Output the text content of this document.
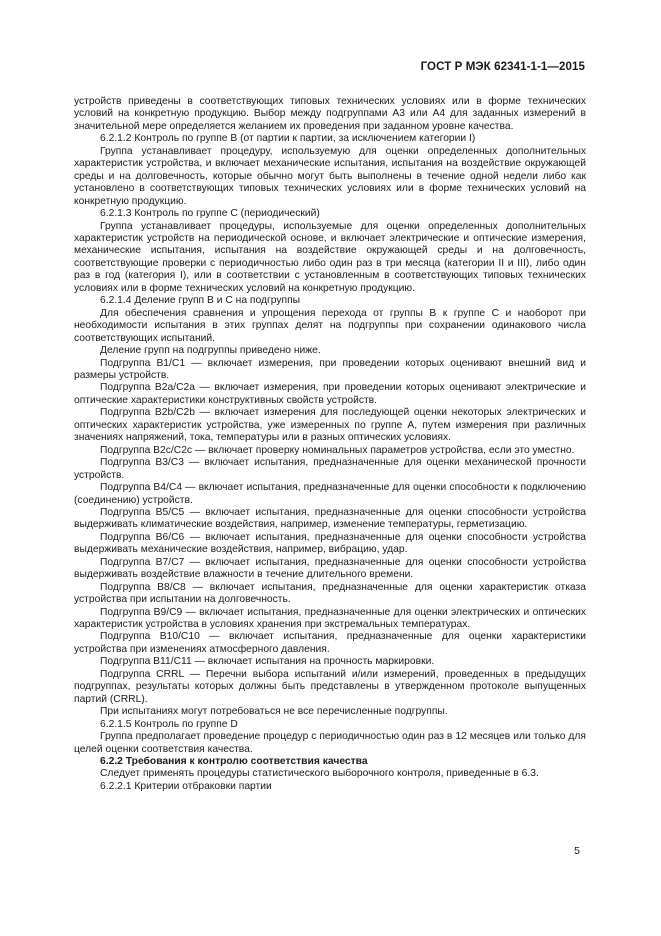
ГОСТ Р МЭК 62341-1-1—2015

устройств приведены в соответствующих типовых технических условиях или в форме технических условий на конкретную продукцию. Выбор между подгруппами А3 или А4 для заданных измерений в значительной мере определяется желанием их проведения при заданном уровне качества.

6.2.1.2 Контроль по группе В (от партии к партии, за исключением категории I)

Группа устанавливает процедуру, используемую для оценки определенных дополнительных характеристик устройства, и включает механические испытания, испытания на воздействие окружающей среды и на долговечность, которые обычно могут быть выполнены в течение одной недели либо как установлено в соответствующих типовых технических условиях или в форме технических условий на конкретную продукцию.

6.2.1.3 Контроль по группе С (периодический)

Группа устанавливает процедуры, используемые для оценки определенных дополнительных характеристик устройств на периодической основе, и включает электрические и оптические измерения, механические испытания, испытания на воздействие окружающей среды и на долговечность, соответствующие проверки с периодичностью либо один раз в три месяца (категории II и III), либо один раз в год (категория I), или в соответствии с установленным в соответствующих типовых технических условиях или в форме технических условий на конкретную продукцию.

6.2.1.4 Деление групп В и С на подгруппы

Для обеспечения сравнения и упрощения перехода от группы В к группе С и наоборот при необходимости испытания в этих группах делят на подгруппы при сохранении одинакового числа соответствующих испытаний.

Деление групп на подгруппы приведено ниже.

Подгруппа В1/С1 — включает измерения, при проведении которых оценивают внешний вид и размеры устройств.

Подгруппа В2а/С2а — включает измерения, при проведении которых оценивают электрические и оптические характеристики конструктивных свойств устройств.

Подгруппа В2b/С2b — включает измерения для последующей оценки некоторых электрических и оптических характеристик устройства, уже измеренных по группе А, путем измерения при различных значениях напряжений, тока, температуры или в разных оптических условиях.

Подгруппа В2с/С2с — включает проверку номинальных параметров устройства, если это уместно.

Подгруппа В3/С3 — включает испытания, предназначенные для оценки механической прочности устройств.

Подгруппа В4/С4 — включает испытания, предназначенные для оценки способности к подключению (соединению) устройств.

Подгруппа В5/С5 — включает испытания, предназначенные для оценки способности устройства выдерживать климатические воздействия, например, изменение температуры, герметизацию.

Подгруппа В6/С6 — включает испытания, предназначенные для оценки способности устройства выдерживать механические воздействия, например, вибрацию, удар.

Подгруппа В7/С7 — включает испытания, предназначенные для оценки способности устройства выдерживать воздействие влажности в течение длительного времени.

Подгруппа В8/С8 — включает испытания, предназначенные для оценки характеристик отказа устройства при испытании на долговечность.

Подгруппа В9/С9 — включает испытания, предназначенные для оценки электрических и оптических характеристик устройства в условиях хранения при экстремальных температурах.

Подгруппа В10/С10 — включает испытания, предназначенные для оценки характеристики устройства при изменениях атмосферного давления.

Подгруппа В11/С11 — включает испытания на прочность маркировки.

Подгруппа CRRL — Перечни выбора испытаний и/или измерений, проведенных в предыдущих подгруппах, результаты которых должны быть представлены в утвержденном протоколе выпущенных партий (CRRL).

При испытаниях могут потребоваться не все перечисленные подгруппы.

6.2.1.5 Контроль по группе D

Группа предполагает проведение процедур с периодичностью один раз в 12 месяцев или только для целей оценки соответствия качества.

6.2.2 Требования к контролю соответствия качества

Следует применять процедуры статистического выборочного контроля, приведенные в 6.3.

6.2.2.1 Критерии отбраковки партии

5
